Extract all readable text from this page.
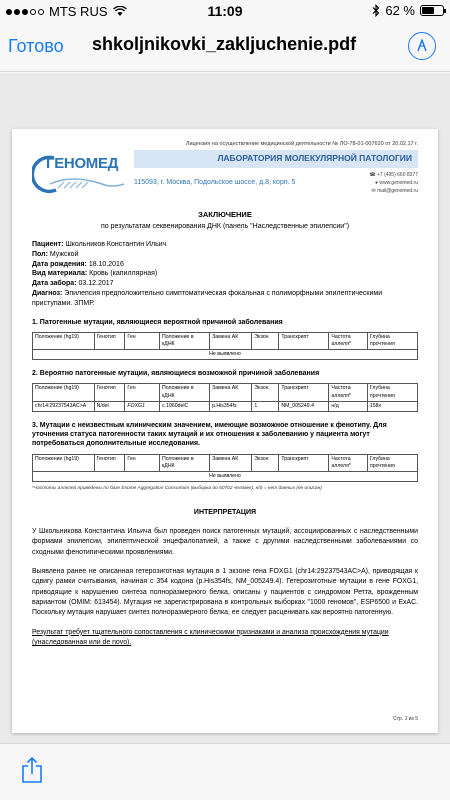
MTS RUS	11:09	62 %
Готово shkoljnikovki_zakljuchenie.pdf
Лицензия на осуществление медицинской деятельности № ЛО-78-01-007620 от 20.02.17 г.
ГЕНОМЕД	ЛАБОРАТОРИЯ МОЛЕКУЛЯРНОЙ ПАТОЛОГИИ
115093, г. Москва, Подольское шоссе, д.8, корп. 5
☎ +7 (495) 660 8377
● www.genomed.ru
✉ mail@genomed.ru
ЗАКЛЮЧЕНИЕ
по результатам секвенирования ДНК (панель "Наследственные эпилепсии")
Пациент: Школьников Константин Ильич
Пол: Мужской
Дата рождения: 18.10.2016
Вид материала: Кровь (капиллярная)
Дата забора: 03.12.2017
Диагноз: Эпилепсия предположительно симптоматическая фокальная с полиморфными эпилептическими приступами. ЗПМР.
1. Патогенные мутации, являющиеся вероятной причиной заболевания
Положение (hg19)	Генотип	Ген	Положение в кДНК	Замена АК	Экзон	Транскрипт	Частота аллеля*	Глубина прочтения
Не выявлено
2. Вероятно патогенные мутации, являющиеся возможной причиной заболевания
Положение (hg19)	Генотип	Ген	Положение в кДНК	Замена АК	Экзон	Транскрипт	Частота аллеля*	Глубина прочтения
chr14:29237543AC>A	N/del	FOXG1	c.1060delC	p.His354fs	1	NM_005249.4	н/д	158x
3. Мутации с неизвестным клиническим значением, имеющие возможное отношение к фенотипу. Для уточнения статуса патогенности таких мутаций и их отношения к заболеванию у пациента могут потребоваться дополнительные исследования.
Положение (hg19)	Генотип	Ген	Положение в кДНК	Замена АК	Экзон	Транскрипт	Частота аллеля*	Глубина прочтения
Не выявлено
*Частоты аллелей приведены по базе Exome Aggregation Consortium (выборка до 60702 человек). н/д = нет данных (не описан)
ИНТЕРПРЕТАЦИЯ
У Школьникова Константина Ильича был проведен поиск патогенных мутаций, ассоциированных с наследственными формами эпилепсии, эпилептической энцефалопатией, а также с другими наследственными заболеваниями со сходными фенотипическими проявлениями.
Выявлена ранее не описанная гетерозиготная мутация в 1 экзоне гена FOXG1 (chr14:29237543AC>A), приводящая к сдвигу рамки считывания, начиная с 354 кодона (p.His354fs, NM_005249.4). Гетерозиготные мутации в гене FOXG1, приводящие к нарушению синтеза полноразмерного белка, описаны у пациентов с синдромом Ретта, врожденным вариантом (OMIM: 613454). Мутация не зарегистрирована в контрольных выборках "1000 геномов", ESP6500 и ExAC. Поскольку мутация нарушает синтез полноразмерного белка, ее следует расценивать как вероятно патогенную.
Результат требует тщательного сопоставления с клиническими признаками и анализа происхождения мутации (унаследованная или de novo).
Стр. 1 из 5
